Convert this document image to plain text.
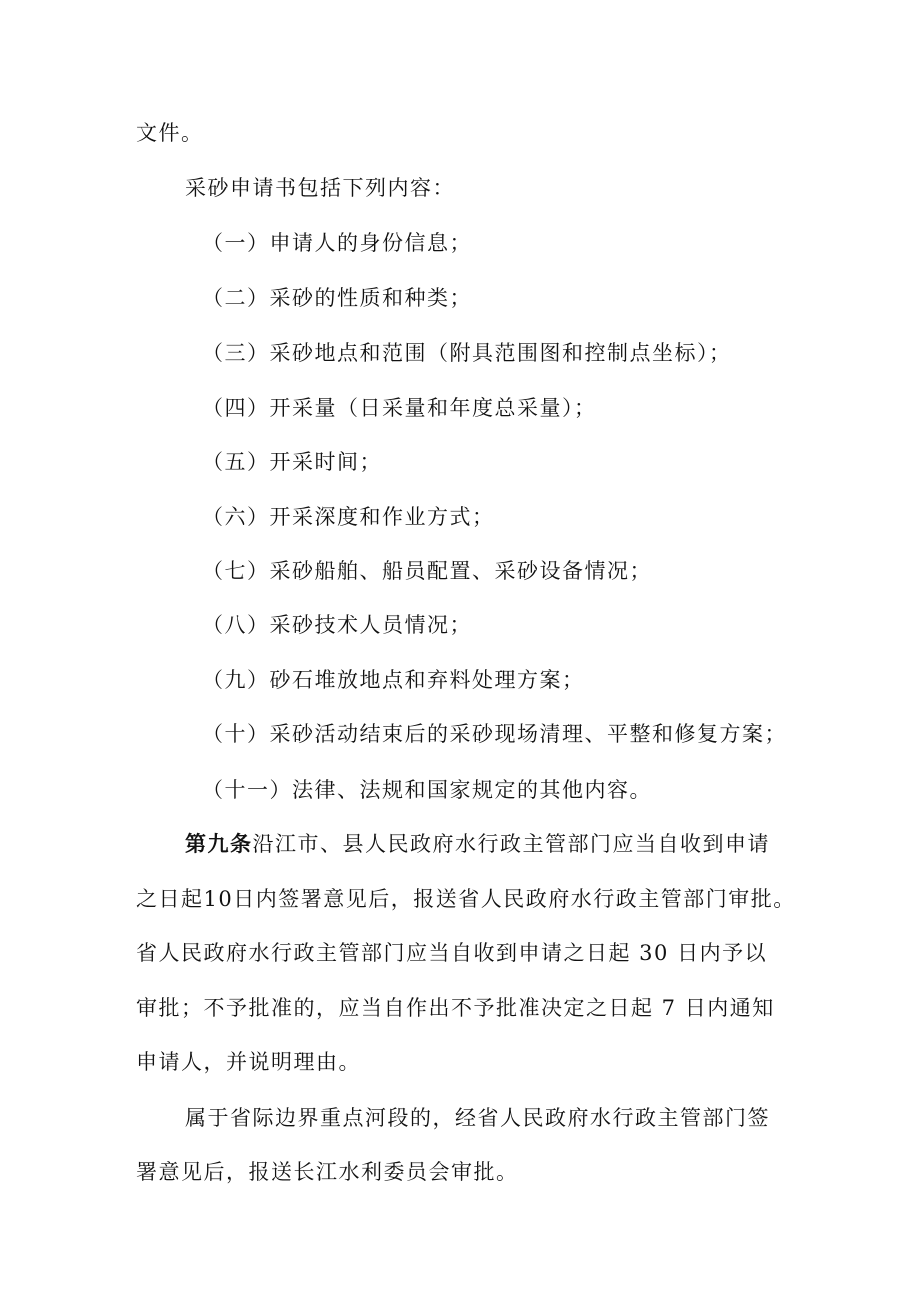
文件。
采砂申请书包括下列内容：
（一）申请人的身份信息；
（二）采砂的性质和种类；
（三）采砂地点和范围（附具范围图和控制点坐标）；
（四）开采量（日采量和年度总采量）；
（五）开采时间；
（六）开采深度和作业方式；
（七）采砂船舶、船员配置、采砂设备情况；
（八）采砂技术人员情况；
（九）砂石堆放地点和弃料处理方案；
（十）采砂活动结束后的采砂现场清理、平整和修复方案；
（十一）法律、法规和国家规定的其他内容。
第九条沿江市、县人民政府水行政主管部门应当自收到申请
之日起10日内签署意见后，报送省人民政府水行政主管部门审批。
省人民政府水行政主管部门应当自收到申请之日起 30 日内予以
审批；不予批准的，应当自作出不予批准决定之日起 7 日内通知
申请人，并说明理由。
属于省际边界重点河段的，经省人民政府水行政主管部门签
署意见后，报送长江水利委员会审批。
